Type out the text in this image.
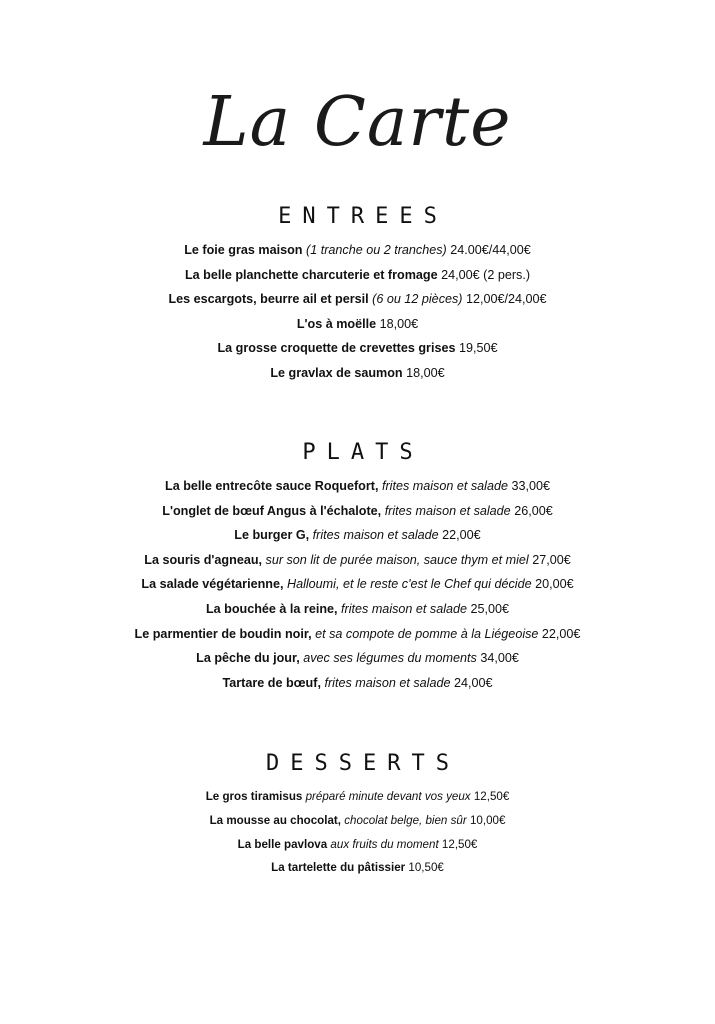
La Carte
ENTREES
Le foie gras maison (1 tranche ou 2 tranches) 24.00€/44,00€
La belle planchette charcuterie et fromage 24,00€ (2 pers.)
Les escargots, beurre ail et persil (6 ou 12 pièces) 12,00€/24,00€
L'os à moëlle 18,00€
La grosse croquette de crevettes grises 19,50€
Le gravlax de saumon 18,00€
PLATS
La belle entrecôte sauce Roquefort, frites maison et salade 33,00€
L'onglet de bœuf Angus à l'échalote, frites maison et salade 26,00€
Le burger G, frites maison et salade 22,00€
La souris d'agneau, sur son lit de purée maison, sauce thym et miel 27,00€
La salade végétarienne, Halloumi, et le reste c'est le Chef qui décide 20,00€
La bouchée à la reine, frites maison et salade 25,00€
Le parmentier de boudin noir, et sa compote de pomme à la Liégeoise 22,00€
La pêche du jour, avec ses légumes du moments 34,00€
Tartare de bœuf, frites maison et salade 24,00€
DESSERTS
Le gros tiramisus préparé minute devant vos yeux 12,50€
La mousse au chocolat, chocolat belge, bien sûr 10,00€
La belle pavlova aux fruits du moment 12,50€
La tartelette du pâtissier 10,50€
